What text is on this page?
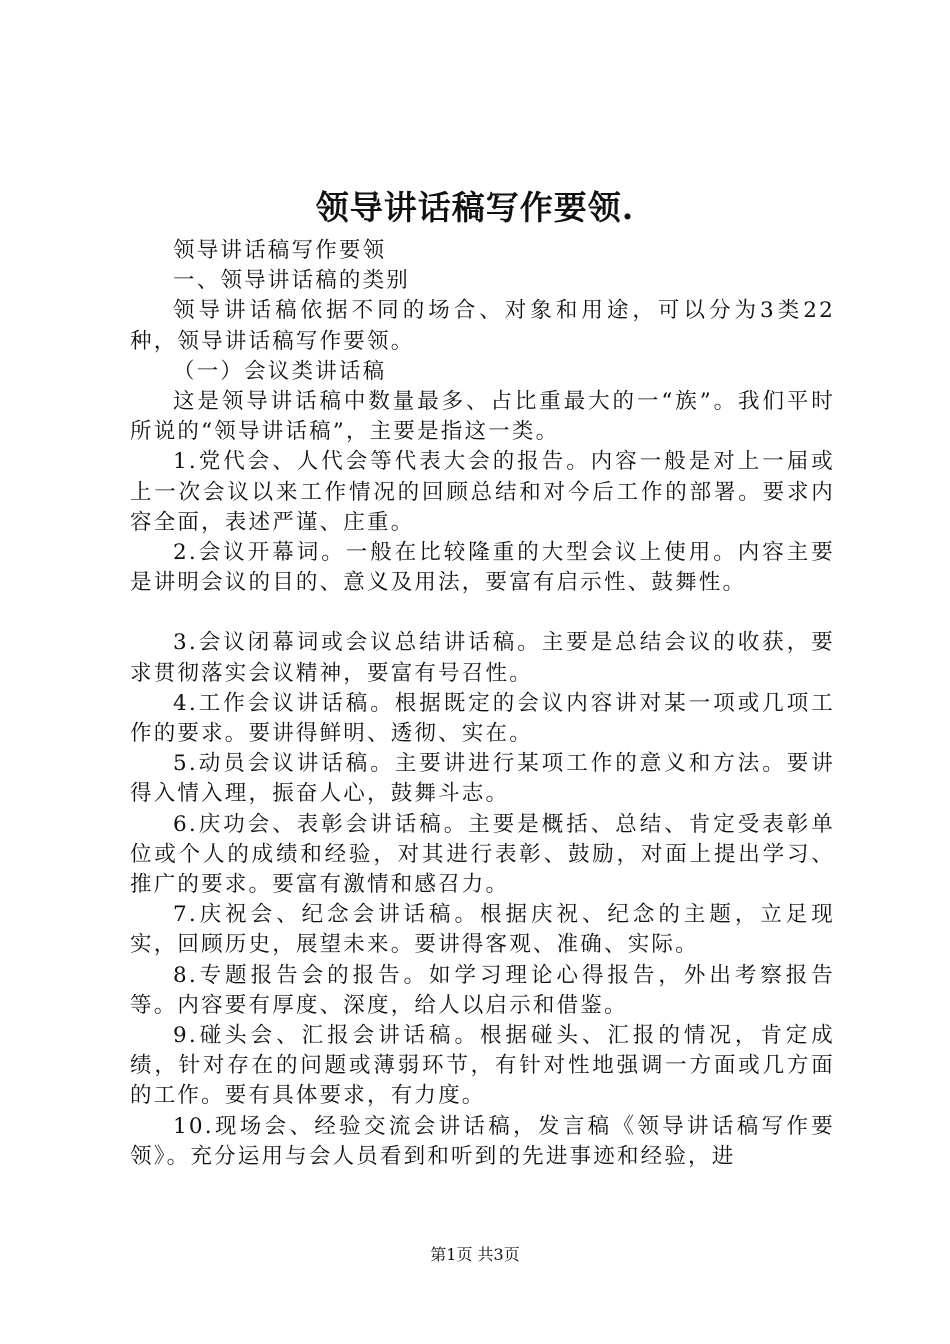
领导讲话稿写作要领.

领导讲话稿写作要领

一、领导讲话稿的类别

领导讲话稿依据不同的场合、对象和用途，可以分为3类22种，领导讲话稿写作要领。

（一）会议类讲话稿

这是领导讲话稿中数量最多、占比重最大的一“族”。我们平时所说的“领导讲话稿”，主要是指这一类。

1.党代会、人代会等代表大会的报告。内容一般是对上一届或上一次会议以来工作情况的回顾总结和对今后工作的部署。要求内容全面，表述严谨、庄重。

2.会议开幕词。一般在比较隆重的大型会议上使用。内容主要是讲明会议的目的、意义及用法，要富有启示性、鼓舞性。

3.会议闭幕词或会议总结讲话稿。主要是总结会议的收获，要求贯彻落实会议精神，要富有号召性。

4.工作会议讲话稿。根据既定的会议内容讲对某一项或几项工作的要求。要讲得鲜明、透彻、实在。

5.动员会议讲话稿。主要讲进行某项工作的意义和方法。要讲得入情入理，振奋人心，鼓舞斗志。

6.庆功会、表彰会讲话稿。主要是概括、总结、肯定受表彰单位或个人的成绩和经验，对其进行表彰、鼓励，对面上提出学习、推广的要求。要富有激情和感召力。

7.庆祝会、纪念会讲话稿。根据庆祝、纪念的主题，立足现实，回顾历史，展望未来。要讲得客观、准确、实际。

8.专题报告会的报告。如学习理论心得报告，外出考察报告等。内容要有厚度、深度，给人以启示和借鉴。

9.碰头会、汇报会讲话稿。根据碰头、汇报的情况，肯定成绩，针对存在的问题或薄弱环节，有针对性地强调一方面或几方面的工作。要有具体要求，有力度。

10.现场会、经验交流会讲话稿，发言稿《领导讲话稿写作要领》。充分运用与会人员看到和听到的先进事迹和经验，进

第1页 共3页
